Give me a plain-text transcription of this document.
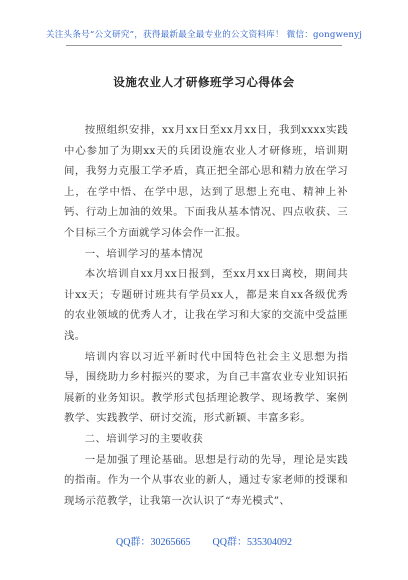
关注头条号“公文研究”，获得最新最全最专业的公文资料库！ 微信：gongwenyj
设施农业人才研修班学习心得体会

按照组织安排，xx月xx日至xx月xx日，我到xxxx实践中心参加了为期xx天的兵团设施农业人才研修班，培训期间，我努力克服工学矛盾，真正把全部心思和精力放在学习上，在学中悟、在学中思，达到了思想上充电、精神上补钙、行动上加油的效果。下面我从基本情况、四点收获、三个目标三个方面就学习体会作一汇报。

一、培训学习的基本情况

本次培训自xx月xx日报到，至xx月xx日离校，期间共计xx天；专题研讨班共有学员xx人，都是来自xx各级优秀的农业领域的优秀人才，让我在学习和大家的交流中受益匪浅。

培训内容以习近平新时代中国特色社会主义思想为指导，围绕助力乡村振兴的要求，为自己丰富农业专业知识拓展新的业务知识。教学形式包括理论教学、现场教学、案例教学、实践教学、研讨交流，形式新颖、丰富多彩。

二、培训学习的主要收获

一是加强了理论基础。思想是行动的先导，理论是实践的指南。作为一个从事农业的新人，通过专家老师的授课和现场示范教学，让我第一次认识了“寿光模式”、

QQ群：30265665 QQ群：535304092
